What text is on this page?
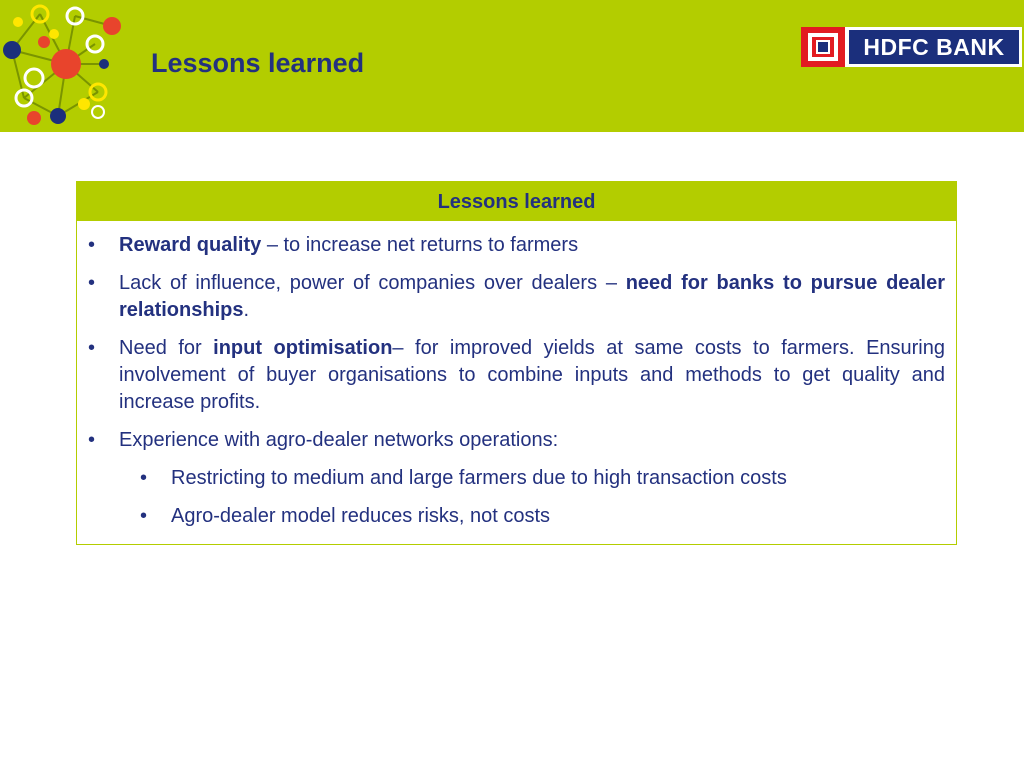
Lessons learned
HDFC BANK
Lessons learned
• Reward quality – to increase net returns to farmers
• Lack of influence, power of companies over dealers – need for banks to pursue dealer relationships.
• Need for input optimisation– for improved yields at same costs to farmers. Ensuring involvement of buyer organisations to combine inputs and methods to get quality and increase profits.
• Experience with agro-dealer networks operations:
• Restricting to medium and large farmers due to high transaction costs
• Agro-dealer model reduces risks, not costs
